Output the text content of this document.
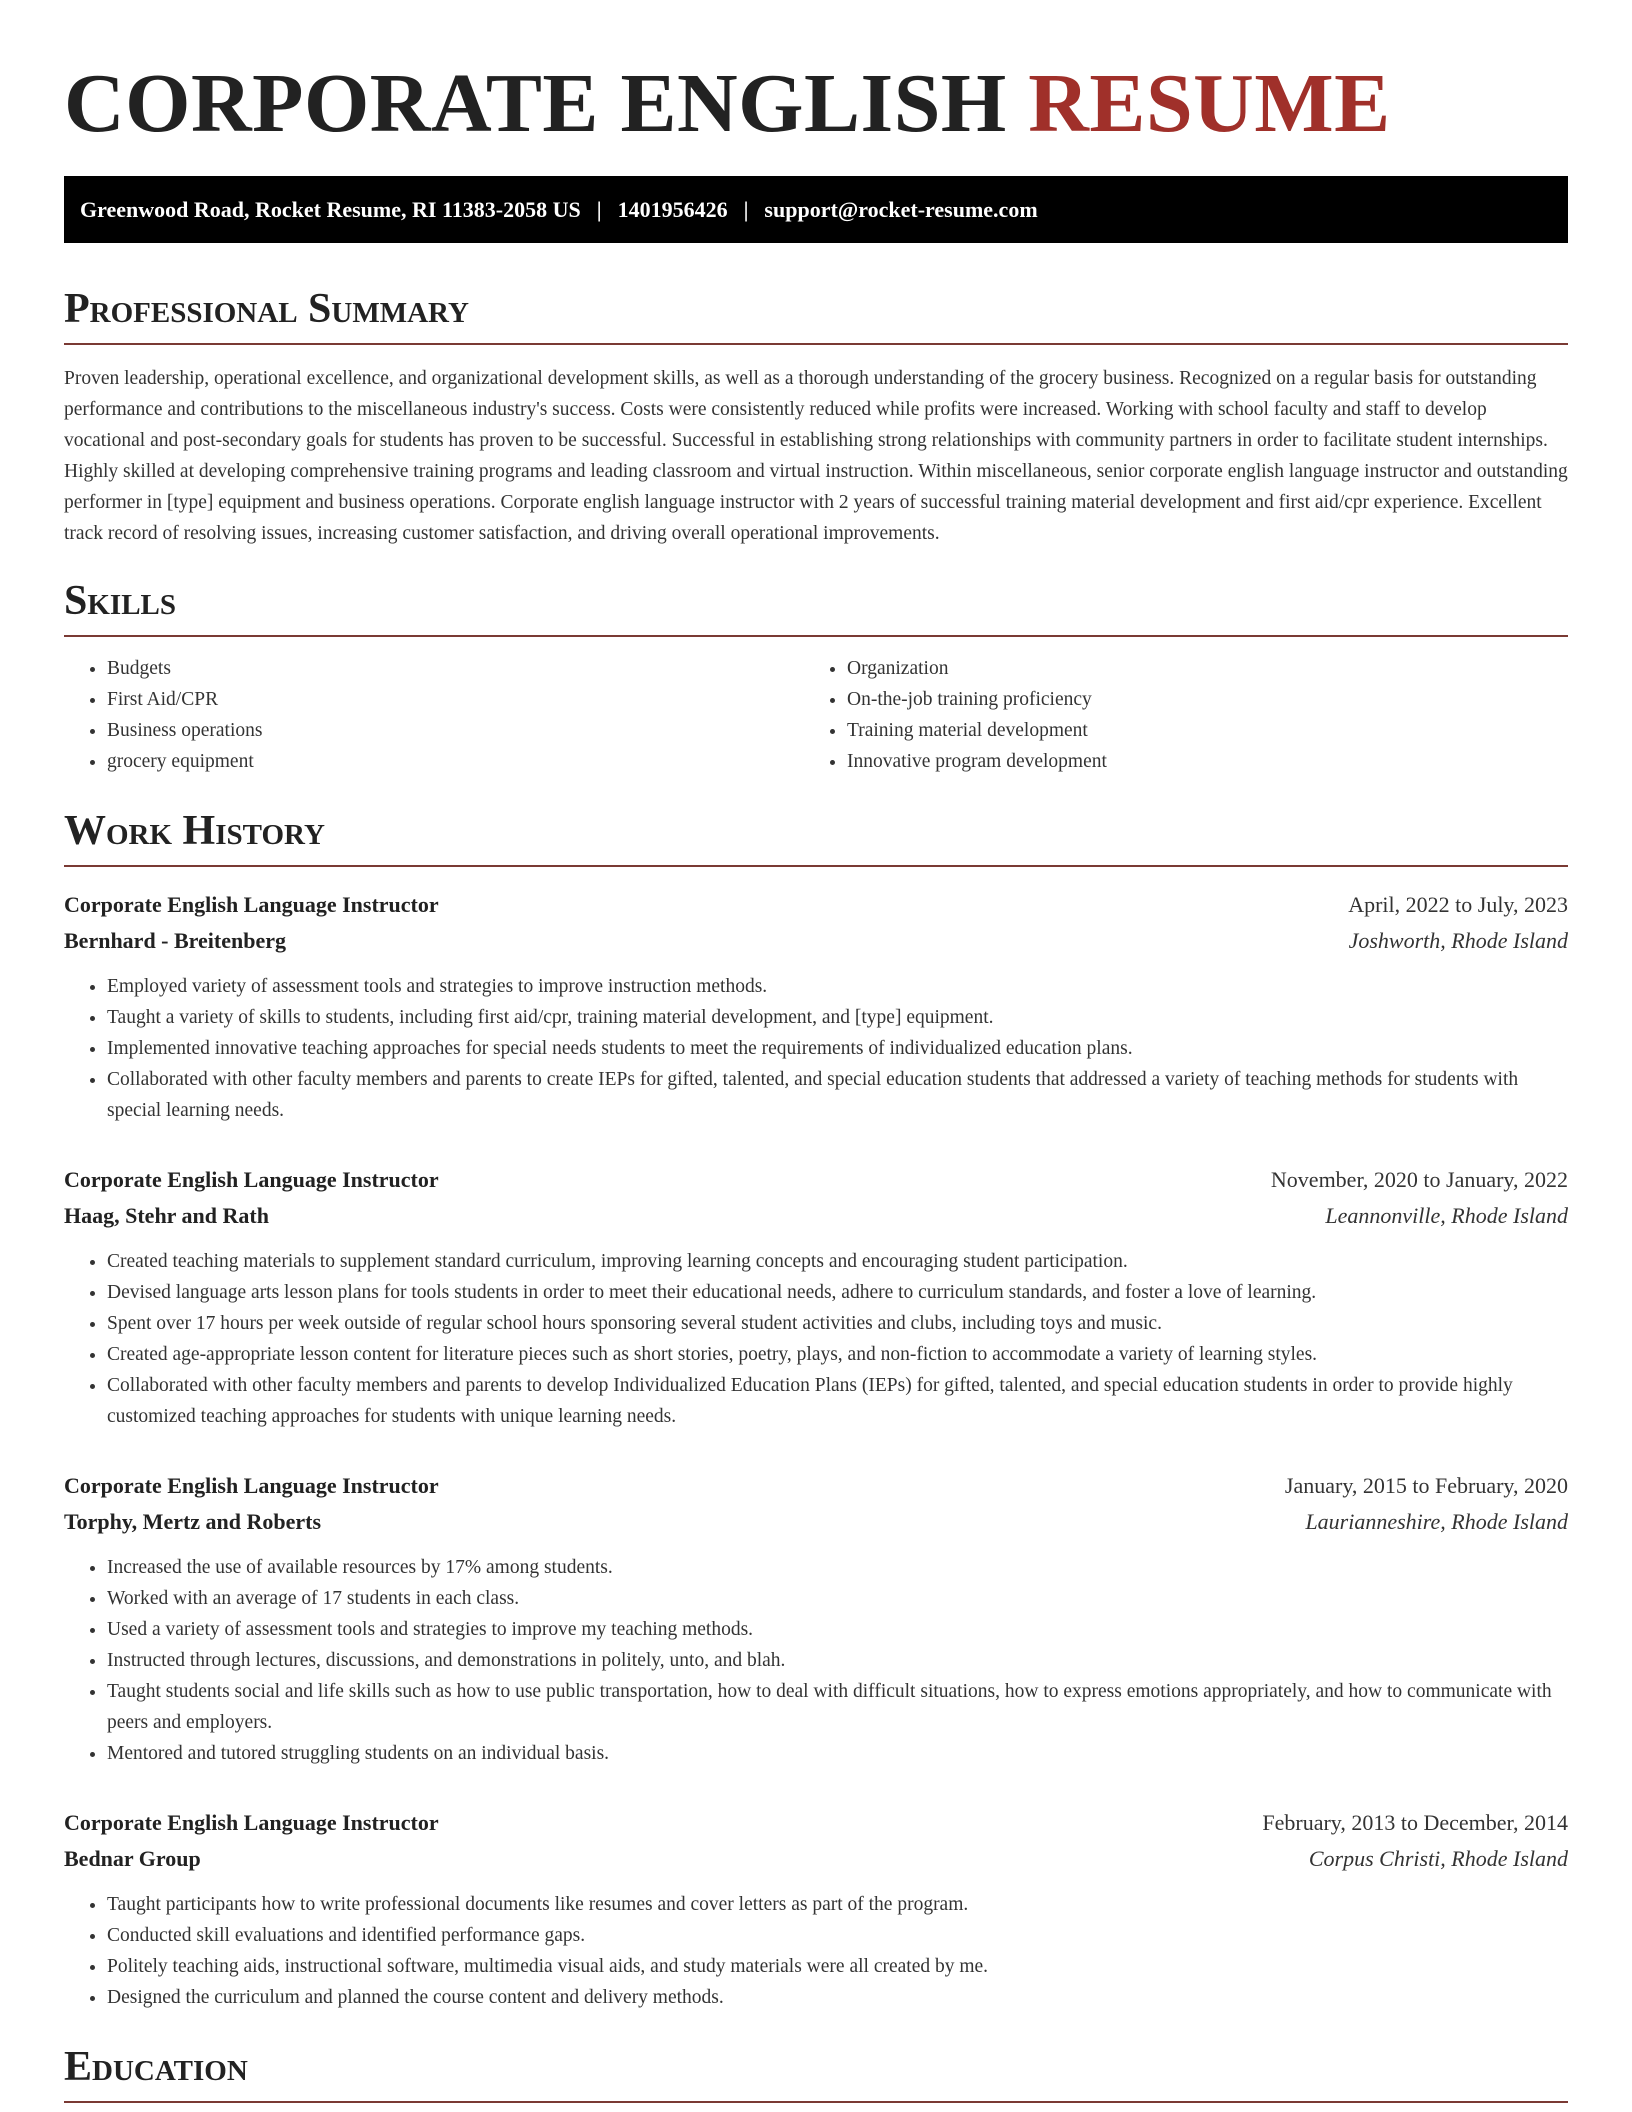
CORPORATE ENGLISH RESUME
Greenwood Road, Rocket Resume, RI 11383-2058 US | 1401956426 | support@rocket-resume.com
Professional Summary

Proven leadership, operational excellence, and organizational development skills, as well as a thorough understanding of the grocery business. Recognized on a regular basis for outstanding performance and contributions to the miscellaneous industry's success. Costs were consistently reduced while profits were increased. Working with school faculty and staff to develop vocational and post-secondary goals for students has proven to be successful. Successful in establishing strong relationships with community partners in order to facilitate student internships. Highly skilled at developing comprehensive training programs and leading classroom and virtual instruction. Within miscellaneous, senior corporate english language instructor and outstanding performer in [type] equipment and business operations. Corporate english language instructor with 2 years of successful training material development and first aid/cpr experience. Excellent track record of resolving issues, increasing customer satisfaction, and driving overall operational improvements.

Skills
• Budgets
• First Aid/CPR
• Business operations
• grocery equipment
• Organization
• On-the-job training proficiency
• Training material development
• Innovative program development
Work History
Corporate English Language Instructor	April, 2022 to July, 2023
Bernhard - Breitenberg	Joshworth, Rhode Island
• Employed variety of assessment tools and strategies to improve instruction methods.
• Taught a variety of skills to students, including first aid/cpr, training material development, and [type] equipment.
• Implemented innovative teaching approaches for special needs students to meet the requirements of individualized education plans.
• Collaborated with other faculty members and parents to create IEPs for gifted, talented, and special education students that addressed a variety of teaching methods for students with special learning needs.
Corporate English Language Instructor	November, 2020 to January, 2022
Haag, Stehr and Rath	Leannonville, Rhode Island
• Created teaching materials to supplement standard curriculum, improving learning concepts and encouraging student participation.
• Devised language arts lesson plans for tools students in order to meet their educational needs, adhere to curriculum standards, and foster a love of learning.
• Spent over 17 hours per week outside of regular school hours sponsoring several student activities and clubs, including toys and music.
• Created age-appropriate lesson content for literature pieces such as short stories, poetry, plays, and non-fiction to accommodate a variety of learning styles.
• Collaborated with other faculty members and parents to develop Individualized Education Plans (IEPs) for gifted, talented, and special education students in order to provide highly customized teaching approaches for students with unique learning needs.
Corporate English Language Instructor	January, 2015 to February, 2020
Torphy, Mertz and Roberts	Laurianneshire, Rhode Island
• Increased the use of available resources by 17% among students.
• Worked with an average of 17 students in each class.
• Used a variety of assessment tools and strategies to improve my teaching methods.
• Instructed through lectures, discussions, and demonstrations in politely, unto, and blah.
• Taught students social and life skills such as how to use public transportation, how to deal with difficult situations, how to express emotions appropriately, and how to communicate with peers and employers.
• Mentored and tutored struggling students on an individual basis.
Corporate English Language Instructor	February, 2013 to December, 2014
Bednar Group	Corpus Christi, Rhode Island
• Taught participants how to write professional documents like resumes and cover letters as part of the program.
• Conducted skill evaluations and identified performance gaps.
• Politely teaching aids, instructional software, multimedia visual aids, and study materials were all created by me.
• Designed the curriculum and planned the course content and delivery methods.
Education
